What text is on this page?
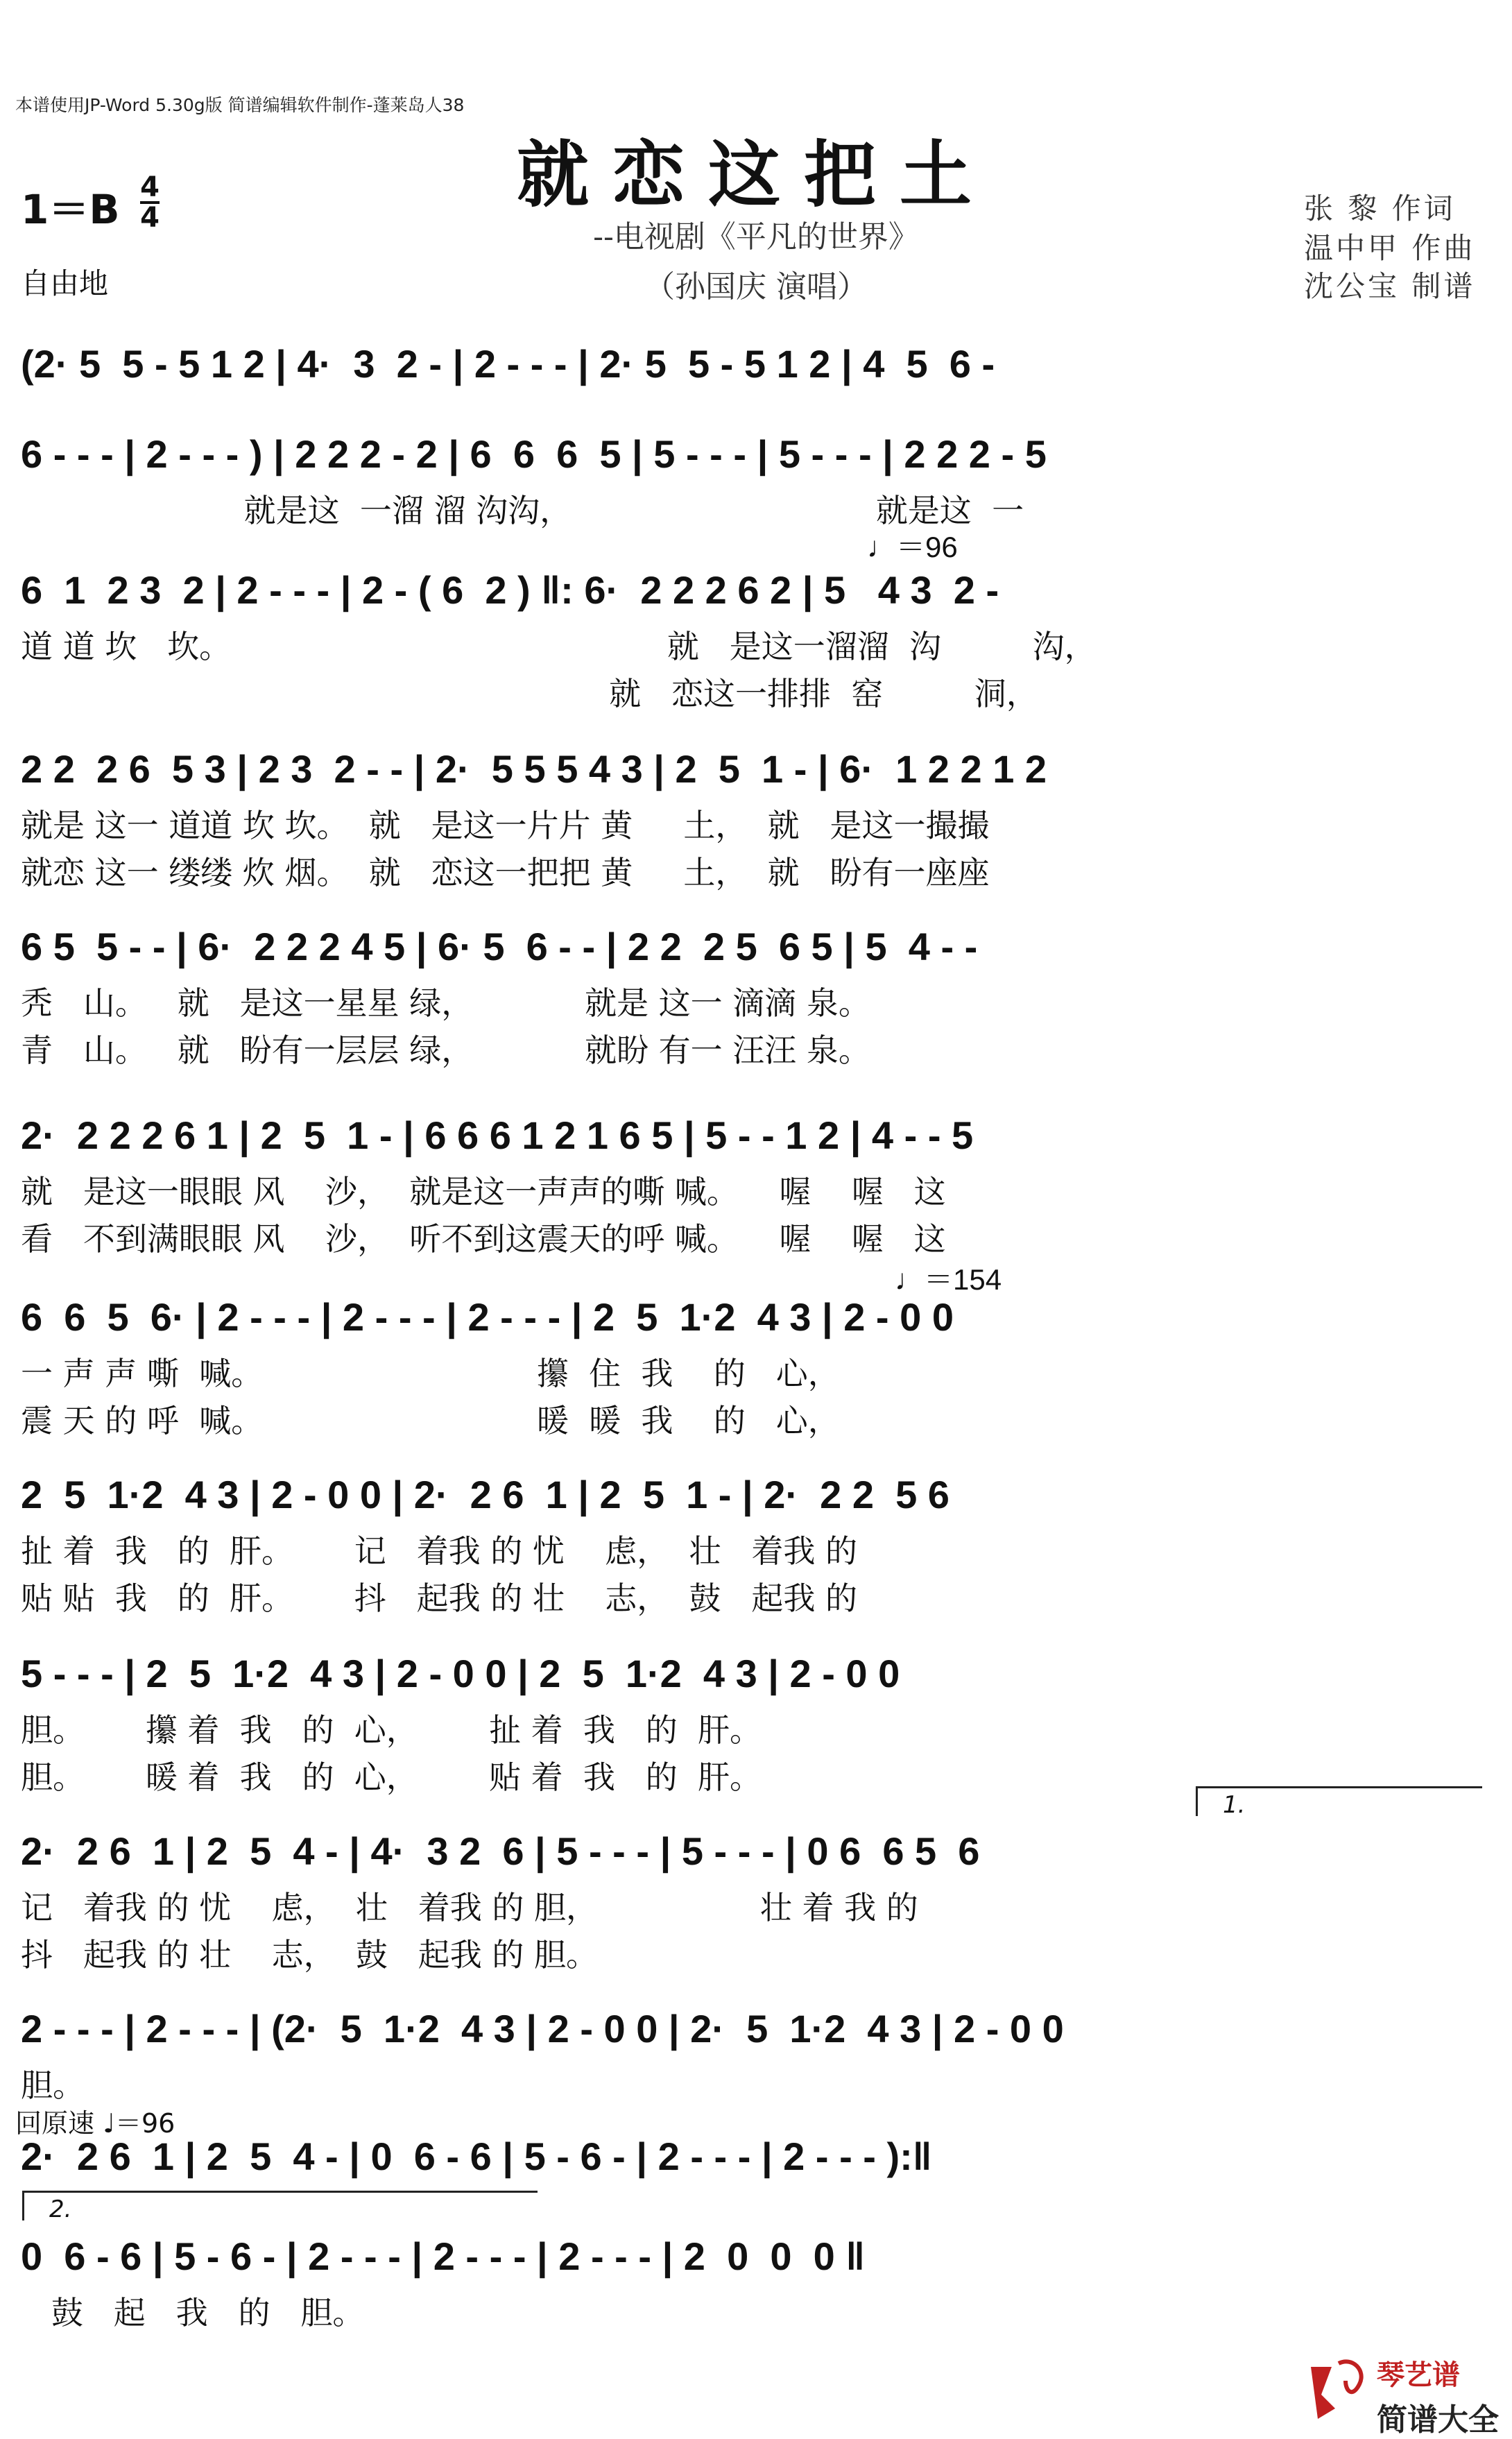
本谱使用JP-Word 5.30g版 简谱编辑软件制作-蓬莱岛人38
就恋这把土
--电视剧《平凡的世界》
（孙国庆 演唱）
1＝B 4
4
自由地
张 黎 作词
温中甲 作曲
沈公宝 制谱
(2· 5  5 - 5 1 2 | 4·  3  2 - | 2 - - - | 2· 5  5 - 5 1 2 | 4  5  6 -
6 - - - | 2 - - - ) | 2 2 2 - 2 | 6  6  6  5 | 5 - - - | 5 - - - | 2 2 2 - 5
就是这  一溜 溜 沟沟，                              就是这  一
♩＝96
6  1  2 3  2 | 2 - - - | 2 - ( 6  2 ) ‖: 6·  2 2 2 6 2 | 5   4 3  2 -
道 道 坎   坎。                                           就   是这一溜溜  沟         沟，
就   恋这一排排  窑         洞，
2 2  2 6  5 3 | 2 3  2 - - | 2·  5 5 5 4 3 | 2  5  1 - | 6·  1 2 2 1 2
就是 这一 道道 坎 坎。  就   是这一片片 黄     土，  就   是这一撮撮
就恋 这一 缕缕 炊 烟。  就   恋这一把把 黄     土，  就   盼有一座座
6 5  5 - - | 6·  2 2 2 4 5 | 6· 5  6 - - | 2 2  2 5  6 5 | 5  4 - -
秃   山。   就   是这一星星 绿，           就是 这一 滴滴 泉。
青   山。   就   盼有一层层 绿，           就盼 有一 汪汪 泉。
2·  2 2 2 6 1 | 2  5  1 - | 6 6 6 1 2 1 6 5 | 5 - - 1 2 | 4 - - 5
就   是这一眼眼 风    沙，  就是这一声声的嘶 喊。    喔    喔   这
看   不到满眼眼 风    沙，  听不到这震天的呼 喊。    喔    喔   这
♩＝154
6  6  5  6· | 2 - - - | 2 - - - | 2 - - - | 2  5  1·2  4 3 | 2 - 0 0
一 声 声 嘶  喊。                           攥  住  我    的   心，
震 天 的 呼  喊。                           暖  暖  我    的   心，
2  5  1·2  4 3 | 2 - 0 0 | 2·  2 6  1 | 2  5  1 - | 2·  2 2  5 6
扯 着  我   的  肝。      记   着我 的 忧    虑，  壮   着我 的
贴 贴  我   的  肝。      抖   起我 的 壮    志，  鼓   起我 的
5 - - - | 2  5  1·2  4 3 | 2 - 0 0 | 2  5  1·2  4 3 | 2 - 0 0
胆。      攥 着  我   的  心，       扯 着  我   的  肝。
胆。      暖 着  我   的  心，       贴 着  我   的  肝。
1.
2·  2 6  1 | 2  5  4 - | 4·  3 2  6 | 5 - - - | 5 - - - | 0 6  6 5  6
记   着我 的 忧    虑，  壮   着我 的 胆，                壮 着 我 的
抖   起我 的 壮    志，  鼓   起我 的 胆。
2 - - - | 2 - - - | (2·  5  1·2  4 3 | 2 - 0 0 | 2·  5  1·2  4 3 | 2 - 0 0
胆。
回原速 ♩＝96
2·  2 6  1 | 2  5  4 - | 0  6 - 6 | 5 - 6 - | 2 - - - | 2 - - - ):‖
2.
0  6 - 6 | 5 - 6 - | 2 - - - | 2 - - - | 2 - - - | 2  0  0  0 ‖
鼓   起   我   的   胆。
琴艺谱
简谱大全
